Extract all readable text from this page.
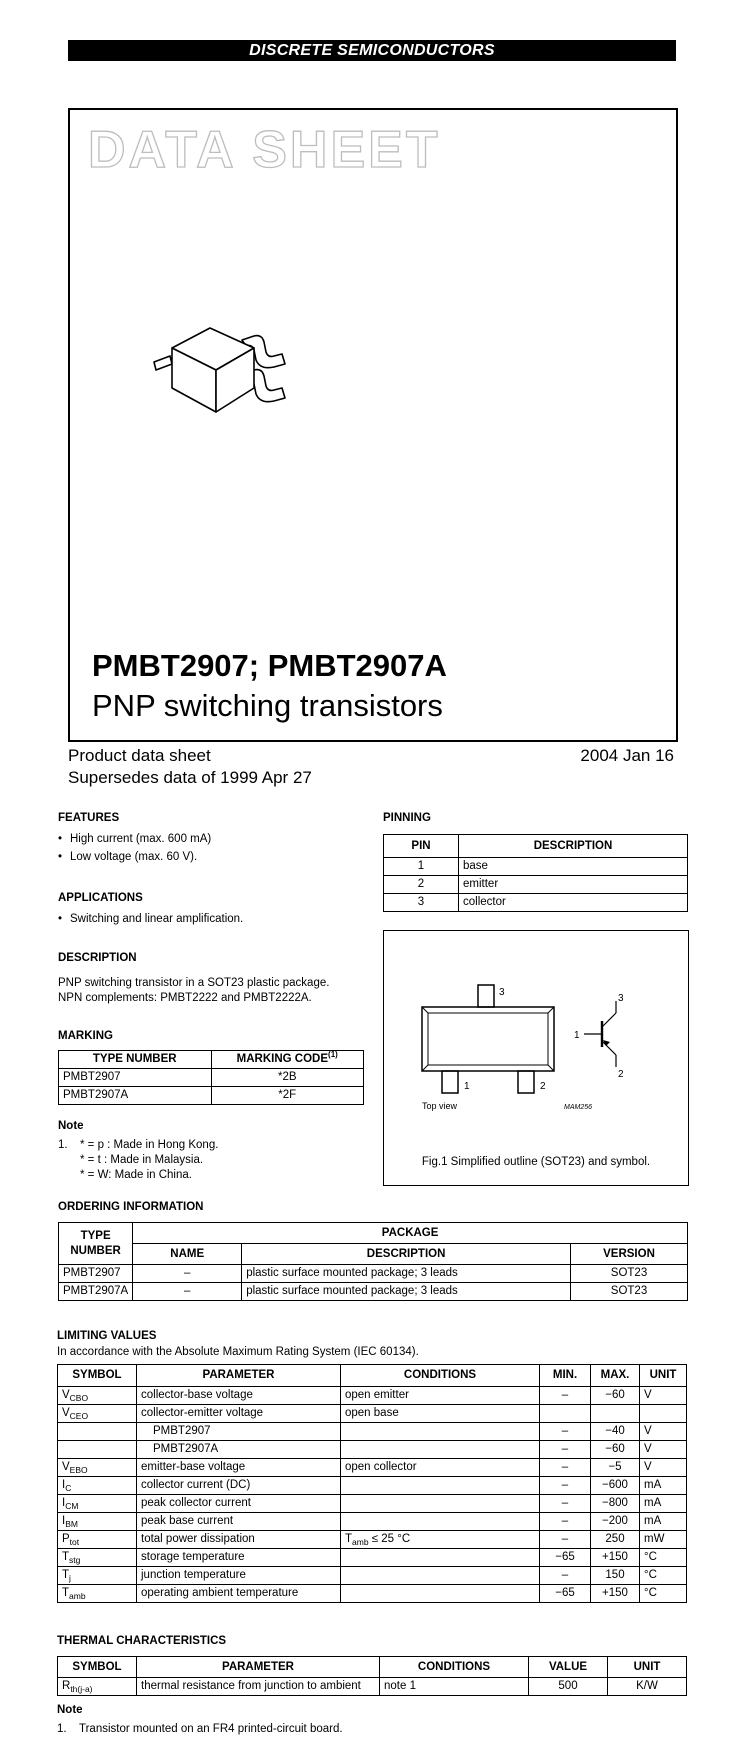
DISCRETE SEMICONDUCTORS
DATA SHEET
PMBT2907; PMBT2907A
PNP switching transistors
Product data sheet
Supersedes data of 1999 Apr 27
2004 Jan 16
FEATURES
• High current (max. 600 mA)
• Low voltage (max. 60 V).
APPLICATIONS
• Switching and linear amplification.
DESCRIPTION
PNP switching transistor in a SOT23 plastic package.
NPN complements: PMBT2222 and PMBT2222A.
MARKING
TYPE NUMBER	MARKING CODE$^{(1)}$
PMBT2907	*2B
PMBT2907A	*2F
Note
1. * = p : Made in Hong Kong.
* = t : Made in Malaysia.
* = W: Made in China.
PINNING
PIN	DESCRIPTION
1	base
2	emitter
3	collector
3
1	2
1
3
2
Top view	MAM256
Fig.1 Simplified outline (SOT23) and symbol.
ORDERING INFORMATION
TYPE NUMBER	PACKAGE		
	NAME	DESCRIPTION	VERSION
PMBT2907	–	plastic surface mounted package; 3 leads	SOT23
PMBT2907A	–	plastic surface mounted package; 3 leads	SOT23
LIMITING VALUES
In accordance with the Absolute Maximum Rating System (IEC 60134).
SYMBOL	PARAMETER	CONDITIONS	MIN.	MAX.	UNIT
$V_{CBO}$	collector-base voltage	open emitter	–	−60	V
$V_{CEO}$	collector-emitter voltage	open base			
	PMBT2907		–	−40	V
	PMBT2907A		–	−60	V
$V_{EBO}$	emitter-base voltage	open collector	–	−5	V
$I_C$	collector current (DC)		–	−600	mA
$I_{CM}$	peak collector current		–	−800	mA
$I_{BM}$	peak base current		–	−200	mA
$P_{tot}$	total power dissipation	$T_{amb} \le 25$ °C	–	250	mW
$T_{stg}$	storage temperature		−65	+150	°C
$T_j$	junction temperature		–	150	°C
$T_{amb}$	operating ambient temperature		−65	+150	°C
THERMAL CHARACTERISTICS
SYMBOL	PARAMETER	CONDITIONS	VALUE	UNIT
$R_{th(j-a)}$	thermal resistance from junction to ambient	note 1	500	K/W
Note
1. Transistor mounted on an FR4 printed-circuit board.
